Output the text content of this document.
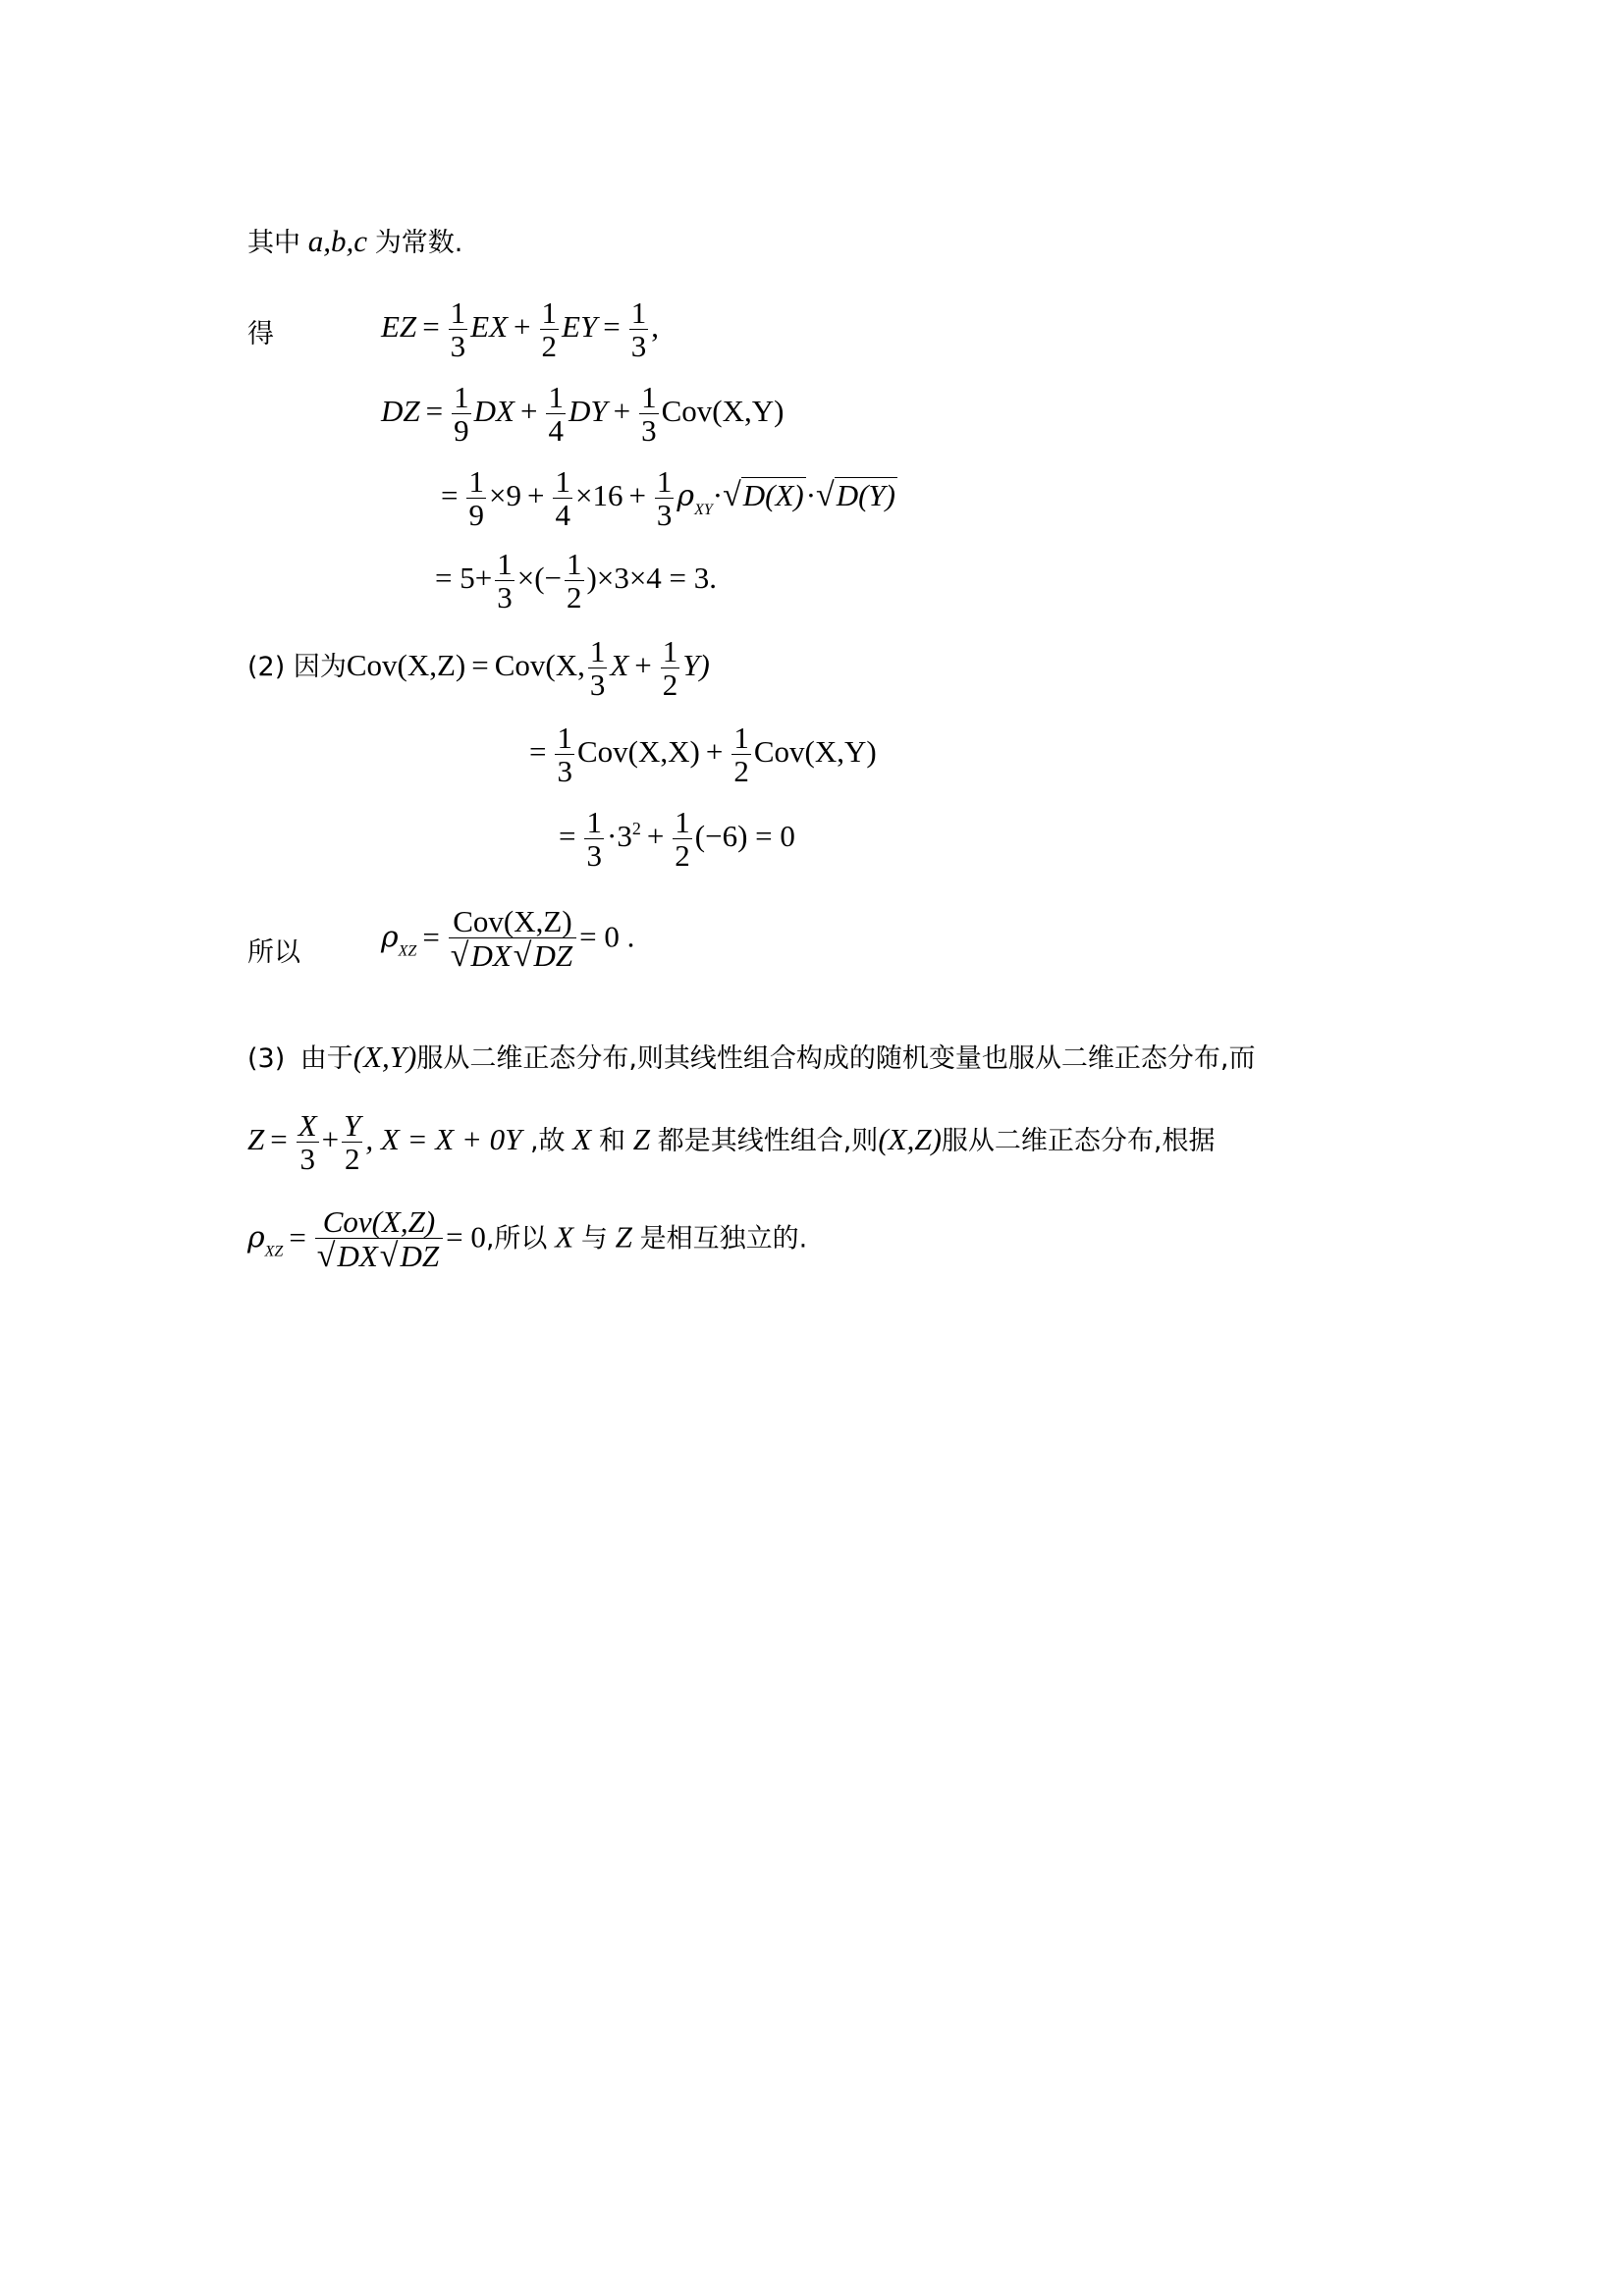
其中 a,b,c 为常数.
得	EZ = $\frac{1}{3}$ EX + $\frac{1}{2}$ EY = $\frac{1}{3}$ ,
DZ = $\frac{1}{9}$ DX + $\frac{1}{4}$ DY + $\frac{1}{3} Cov(X,Y)$
= $\frac{1}{9} \times 9 + \frac{1}{4} \times 16 + \frac{1}{3} \rho_{XY}\cdot√D(X)\cdot√D(Y)$
= $5+ \frac{1}{3}$ ×(− $\frac{1}{2} )\times 3\times 4 = 3$.
(2) 因为Cov(X,Z) = Cov(X, $\frac{1}{3}$ $X + \frac{1}{2} Y$)
= $\frac{1}{3} Cov(X,X) + \frac{1}{2} Cov(X,Y)$
= $\frac{1}{3} \cdot 3^2 + \frac{1}{2} (-6) = 0$
所以	$\rho_{XZ} = \frac{\text{Cov(X,Z)}}{√DX√DZ} = 0$ .
(3) 由于(X,Y)服从二维正态分布,则其线性组合构成的随机变量也服从二维正态分布,而
$Z = \frac{X}{3} + \frac{Y}{2}$ , X = X + 0Y ,故 X 和 Z 都是其线性组合,则(X,Z)服从二维正态分布,根据
$\rho_{XZ} = \frac{\text{Cov(X,Z)}}{√DX√DZ} = 0$,所以 X 与 Z 是相互独立的.
